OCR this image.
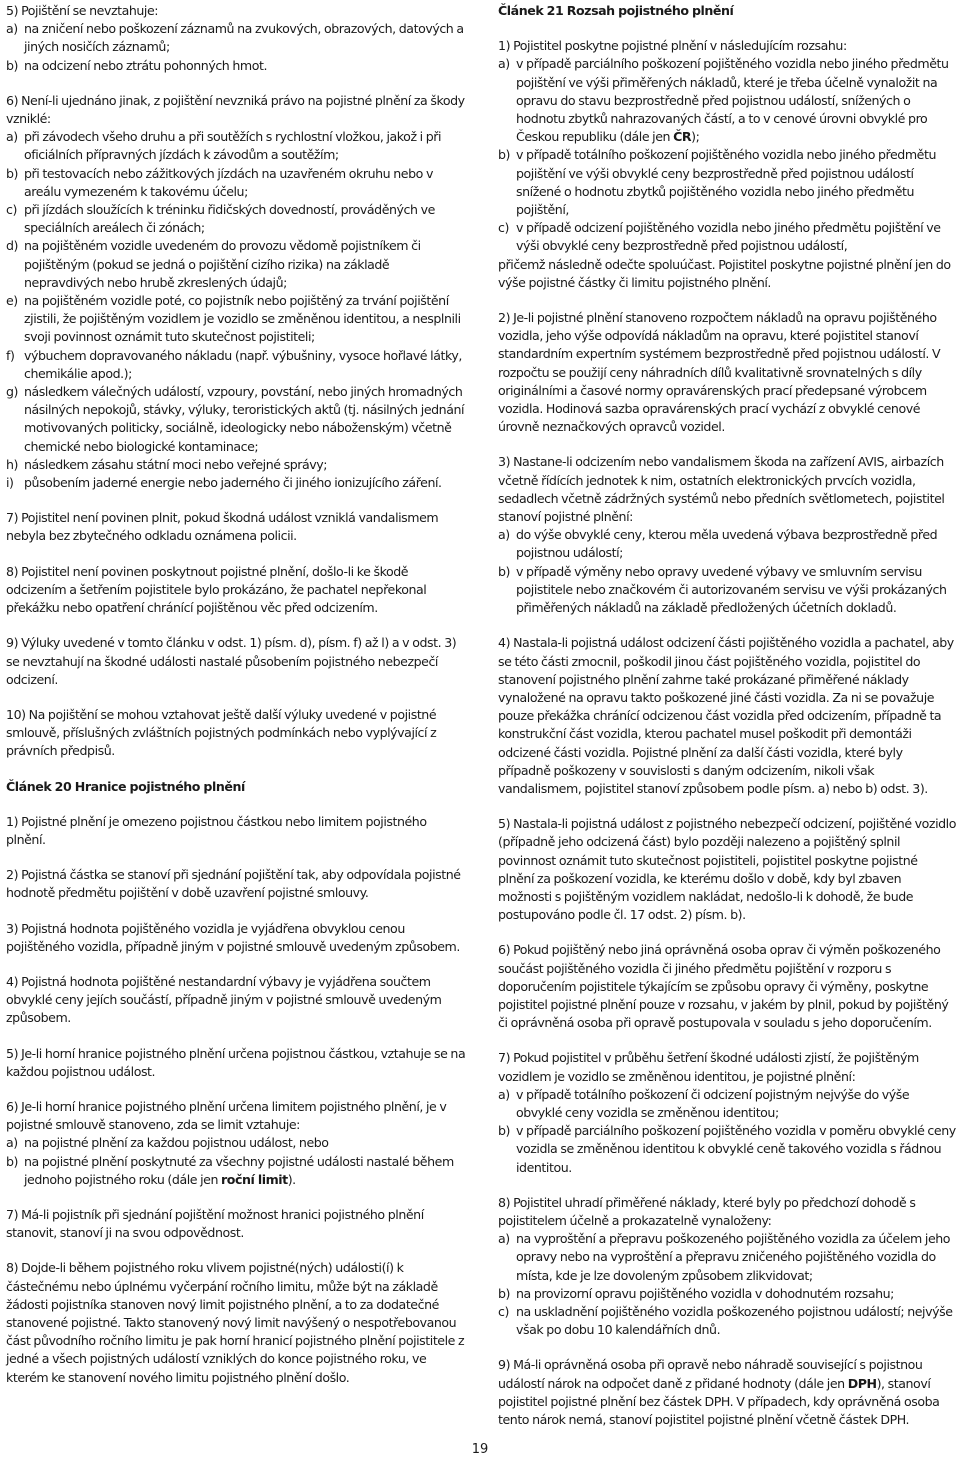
5) Pojištění se nevztahuje:

a) na zničení nebo poškození záznamů na zvukových, obrazových, datových a jiných nosičích záznamů;
b) na odcizení nebo ztrátu pohonných hmot.

6) Není-li ujednáno jinak, z pojištění nevzniká právo na pojistné plnění za škody vzniklé:

a) při závodech všeho druhu a při soutěžích s rychlostní vložkou, jakož i při oficiálních přípravných jízdách k závodům a soutěžím;
b) při testovacích nebo zážitkových jízdách na uzavřeném okruhu nebo v areálu vymezeném k takovému účelu;
c) při jízdách sloužících k tréninku řidičských dovedností, prováděných ve speciálních areálech či zónách;
d) na pojištěném vozidle uvedeném do provozu vědomě pojistníkem či pojištěným (pokud se jedná o pojištění cizího rizika) na základě nepravdivých nebo hrubě zkreslených údajů;
e) na pojištěném vozidle poté, co pojistník nebo pojištěný za trvání pojištění zjistili, že pojištěným vozidlem je vozidlo se změněnou identitou, a nesplnili svoji povinnost oznámit tuto skutečnost pojistiteli;
f) výbuchem dopravovaného nákladu (např. výbušniny, vysoce hořlavé látky, chemikálie apod.);
g) následkem válečných událostí, vzpoury, povstání, nebo jiných hromadných násilných nepokojů, stávky, výluky, teroristických aktů (tj. násilných jednání motivovaných politicky, sociálně, ideologicky nebo náboženským) včetně chemické nebo biologické kontaminace;
h) následkem zásahu státní moci nebo veřejné správy;
i) působením jaderné energie nebo jaderného či jiného ionizujícího záření.

7) Pojistitel není povinen plnit, pokud škodná událost vzniklá vandalismem nebyla bez zbytečného odkladu oznámena policii.

8) Pojistitel není povinen poskytnout pojistné plnění, došlo-li ke škodě odcizením a šetřením pojistitele bylo prokázáno, že pachatel nepřekonal překážku nebo opatření chránící pojištěnou věc před odcizením.

9) Výluky uvedené v tomto článku v odst. 1) písm. d), písm. f) až l) a v odst. 3) se nevztahují na škodné události nastalé působením pojistného nebezpečí odcizení.

10) Na pojištění se mohou vztahovat ještě další výluky uvedené v pojistné smlouvě, příslušných zvláštních pojistných podmínkách nebo vyplývající z právních předpisů.

Článek 20 Hranice pojistného plnění

1) Pojistné plnění je omezeno pojistnou částkou nebo limitem pojistného plnění.

2) Pojistná částka se stanoví při sjednání pojištění tak, aby odpovídala pojistné hodnotě předmětu pojištění v době uzavření pojistné smlouvy.

3) Pojistná hodnota pojištěného vozidla je vyjádřena obvyklou cenou pojištěného vozidla, případně jiným v pojistné smlouvě uvedeným způsobem.

4) Pojistná hodnota pojištěné nestandardní výbavy je vyjádřena součtem obvyklé ceny jejích součástí, případně jiným v pojistné smlouvě uvedeným způsobem.

5) Je-li horní hranice pojistného plnění určena pojistnou částkou, vztahuje se na každou pojistnou událost.

6) Je-li horní hranice pojistného plnění určena limitem pojistného plnění, je v pojistné smlouvě stanoveno, zda se limit vztahuje:

a) na pojistné plnění za každou pojistnou událost, nebo
b) na pojistné plnění poskytnuté za všechny pojistné události nastalé během jednoho pojistného roku (dále jen roční limit).

7) Má-li pojistník při sjednání pojištění možnost hranici pojistného plnění stanovit, stanoví ji na svou odpovědnost.

8) Dojde-li během pojistného roku vlivem pojistné(ných) události(í) k částečnému nebo úplnému vyčerpání ročního limitu, může být na základě žádosti pojistníka stanoven nový limit pojistného plnění, a to za dodatečné stanovené pojistné. Takto stanovený nový limit navýšený o nespotřebovanou část původního ročního limitu je pak horní hranicí pojistného plnění pojistitele z jedné a všech pojistných událostí vzniklých do konce pojistného roku, ve kterém ke stanovení nového limitu pojistného plnění došlo.

Článek 21 Rozsah pojistného plnění

1) Pojistitel poskytne pojistné plnění v následujícím rozsahu:

a) v případě parciálního poškození pojištěného vozidla nebo jiného předmětu pojištění ve výši přiměřených nákladů, které je třeba účelně vynaložit na opravu do stavu bezprostředně před pojistnou událostí, snížených o hodnotu zbytků nahrazovaných částí, a to v cenové úrovni obvyklé pro Českou republiku (dále jen ČR);
b) v případě totálního poškození pojištěného vozidla nebo jiného předmětu pojištění ve výši obvyklé ceny bezprostředně před pojistnou událostí snížené o hodnotu zbytků pojištěného vozidla nebo jiného předmětu pojištění,
c) v případě odcizení pojištěného vozidla nebo jiného předmětu pojištění ve výši obvyklé ceny bezprostředně před pojistnou událostí,

přičemž následně odečte spoluúčast. Pojistitel poskytne pojistné plnění jen do výše pojistné částky či limitu pojistného plnění.

2) Je-li pojistné plnění stanoveno rozpočtem nákladů na opravu pojištěného vozidla, jeho výše odpovídá nákladům na opravu, které pojistitel stanoví standardním expertním systémem bezprostředně před pojistnou událostí. V rozpočtu se použijí ceny náhradních dílů kvalitativně srovnatelných s díly originálními a časové normy opravárenských prací předepsané výrobcem vozidla. Hodinová sazba opravárenských prací vychází z obvyklé cenové úrovně neznačkových opravců vozidel.

3) Nastane-li odcizením nebo vandalismem škoda na zařízení AVIS, airbazích včetně řídících jednotek k nim, ostatních elektronických prvcích vozidla, sedadlech včetně zádržných systémů nebo předních světlometech, pojistitel stanoví pojistné plnění:

a) do výše obvyklé ceny, kterou měla uvedená výbava bezprostředně před pojistnou událostí;
b) v případě výměny nebo opravy uvedené výbavy ve smluvním servisu pojistitele nebo značkovém či autorizovaném servisu ve výši prokázaných přiměřených nákladů na základě předložených účetních dokladů.

4) Nastala-li pojistná událost odcizení části pojištěného vozidla a pachatel, aby se této části zmocnil, poškodil jinou část pojištěného vozidla, pojistitel do stanovení pojistného plnění zahrne také prokázané přiměřené náklady vynaložené na opravu takto poškozené jiné části vozidla. Za ni se považuje pouze překážka chránící odcizenou část vozidla před odcizením, případně ta konstrukční část vozidla, kterou pachatel musel poškodit při demontáži odcizené části vozidla. Pojistné plnění za další části vozidla, které byly případně poškozeny v souvislosti s daným odcizením, nikoli však vandalismem, pojistitel stanoví způsobem podle písm. a) nebo b) odst. 3).

5) Nastala-li pojistná událost z pojistného nebezpečí odcizení, pojištěné vozidlo (případně jeho odcizená část) bylo později nalezeno a pojištěný splnil povinnost oznámit tuto skutečnost pojistiteli, pojistitel poskytne pojistné plnění za poškození vozidla, ke kterému došlo v době, kdy byl zbaven možnosti s pojištěným vozidlem nakládat, nedošlo-li k dohodě, že bude postupováno podle čl. 17 odst. 2) písm. b).

6) Pokud pojištěný nebo jiná oprávněná osoba oprav či výměn poškozeného součást pojištěného vozidla či jiného předmětu pojištění v rozporu s doporučením pojistitele týkajícím se způsobu opravy či výměny, poskytne pojistitel pojistné plnění pouze v rozsahu, v jakém by plnil, pokud by pojištěný či oprávněná osoba při opravě postupovala v souladu s jeho doporučením.

7) Pokud pojistitel v průběhu šetření škodné události zjistí, že pojištěným vozidlem je vozidlo se změněnou identitou, je pojistné plnění:

a) v případě totálního poškození či odcizení pojistným nejvýše do výše obvyklé ceny vozidla se změněnou identitou;
b) v případě parciálního poškození pojištěného vozidla v poměru obvyklé ceny vozidla se změněnou identitou k obvyklé ceně takového vozidla s řádnou identitou.

8) Pojistitel uhradí přiměřené náklady, které byly po předchozí dohodě s pojistitelem účelně a prokazatelně vynaloženy:

a) na vyproštění a přepravu poškozeného pojištěného vozidla za účelem jeho opravy nebo na vyproštění a přepravu zničeného pojištěného vozidla do místa, kde je lze dovoleným způsobem zlikvidovat;
b) na provizorní opravu pojištěného vozidla v dohodnutém rozsahu;
c) na uskladnění pojištěného vozidla poškozeného pojistnou událostí; nejvýše však po dobu 10 kalendářních dnů.

9) Má-li oprávněná osoba při opravě nebo náhradě související s pojistnou událostí nárok na odpočet daně z přidané hodnoty (dále jen DPH), stanoví pojistitel pojistné plnění bez částek DPH. V případech, kdy oprávněná osoba tento nárok nemá, stanoví pojistitel pojistné plnění včetně částek DPH.

19
